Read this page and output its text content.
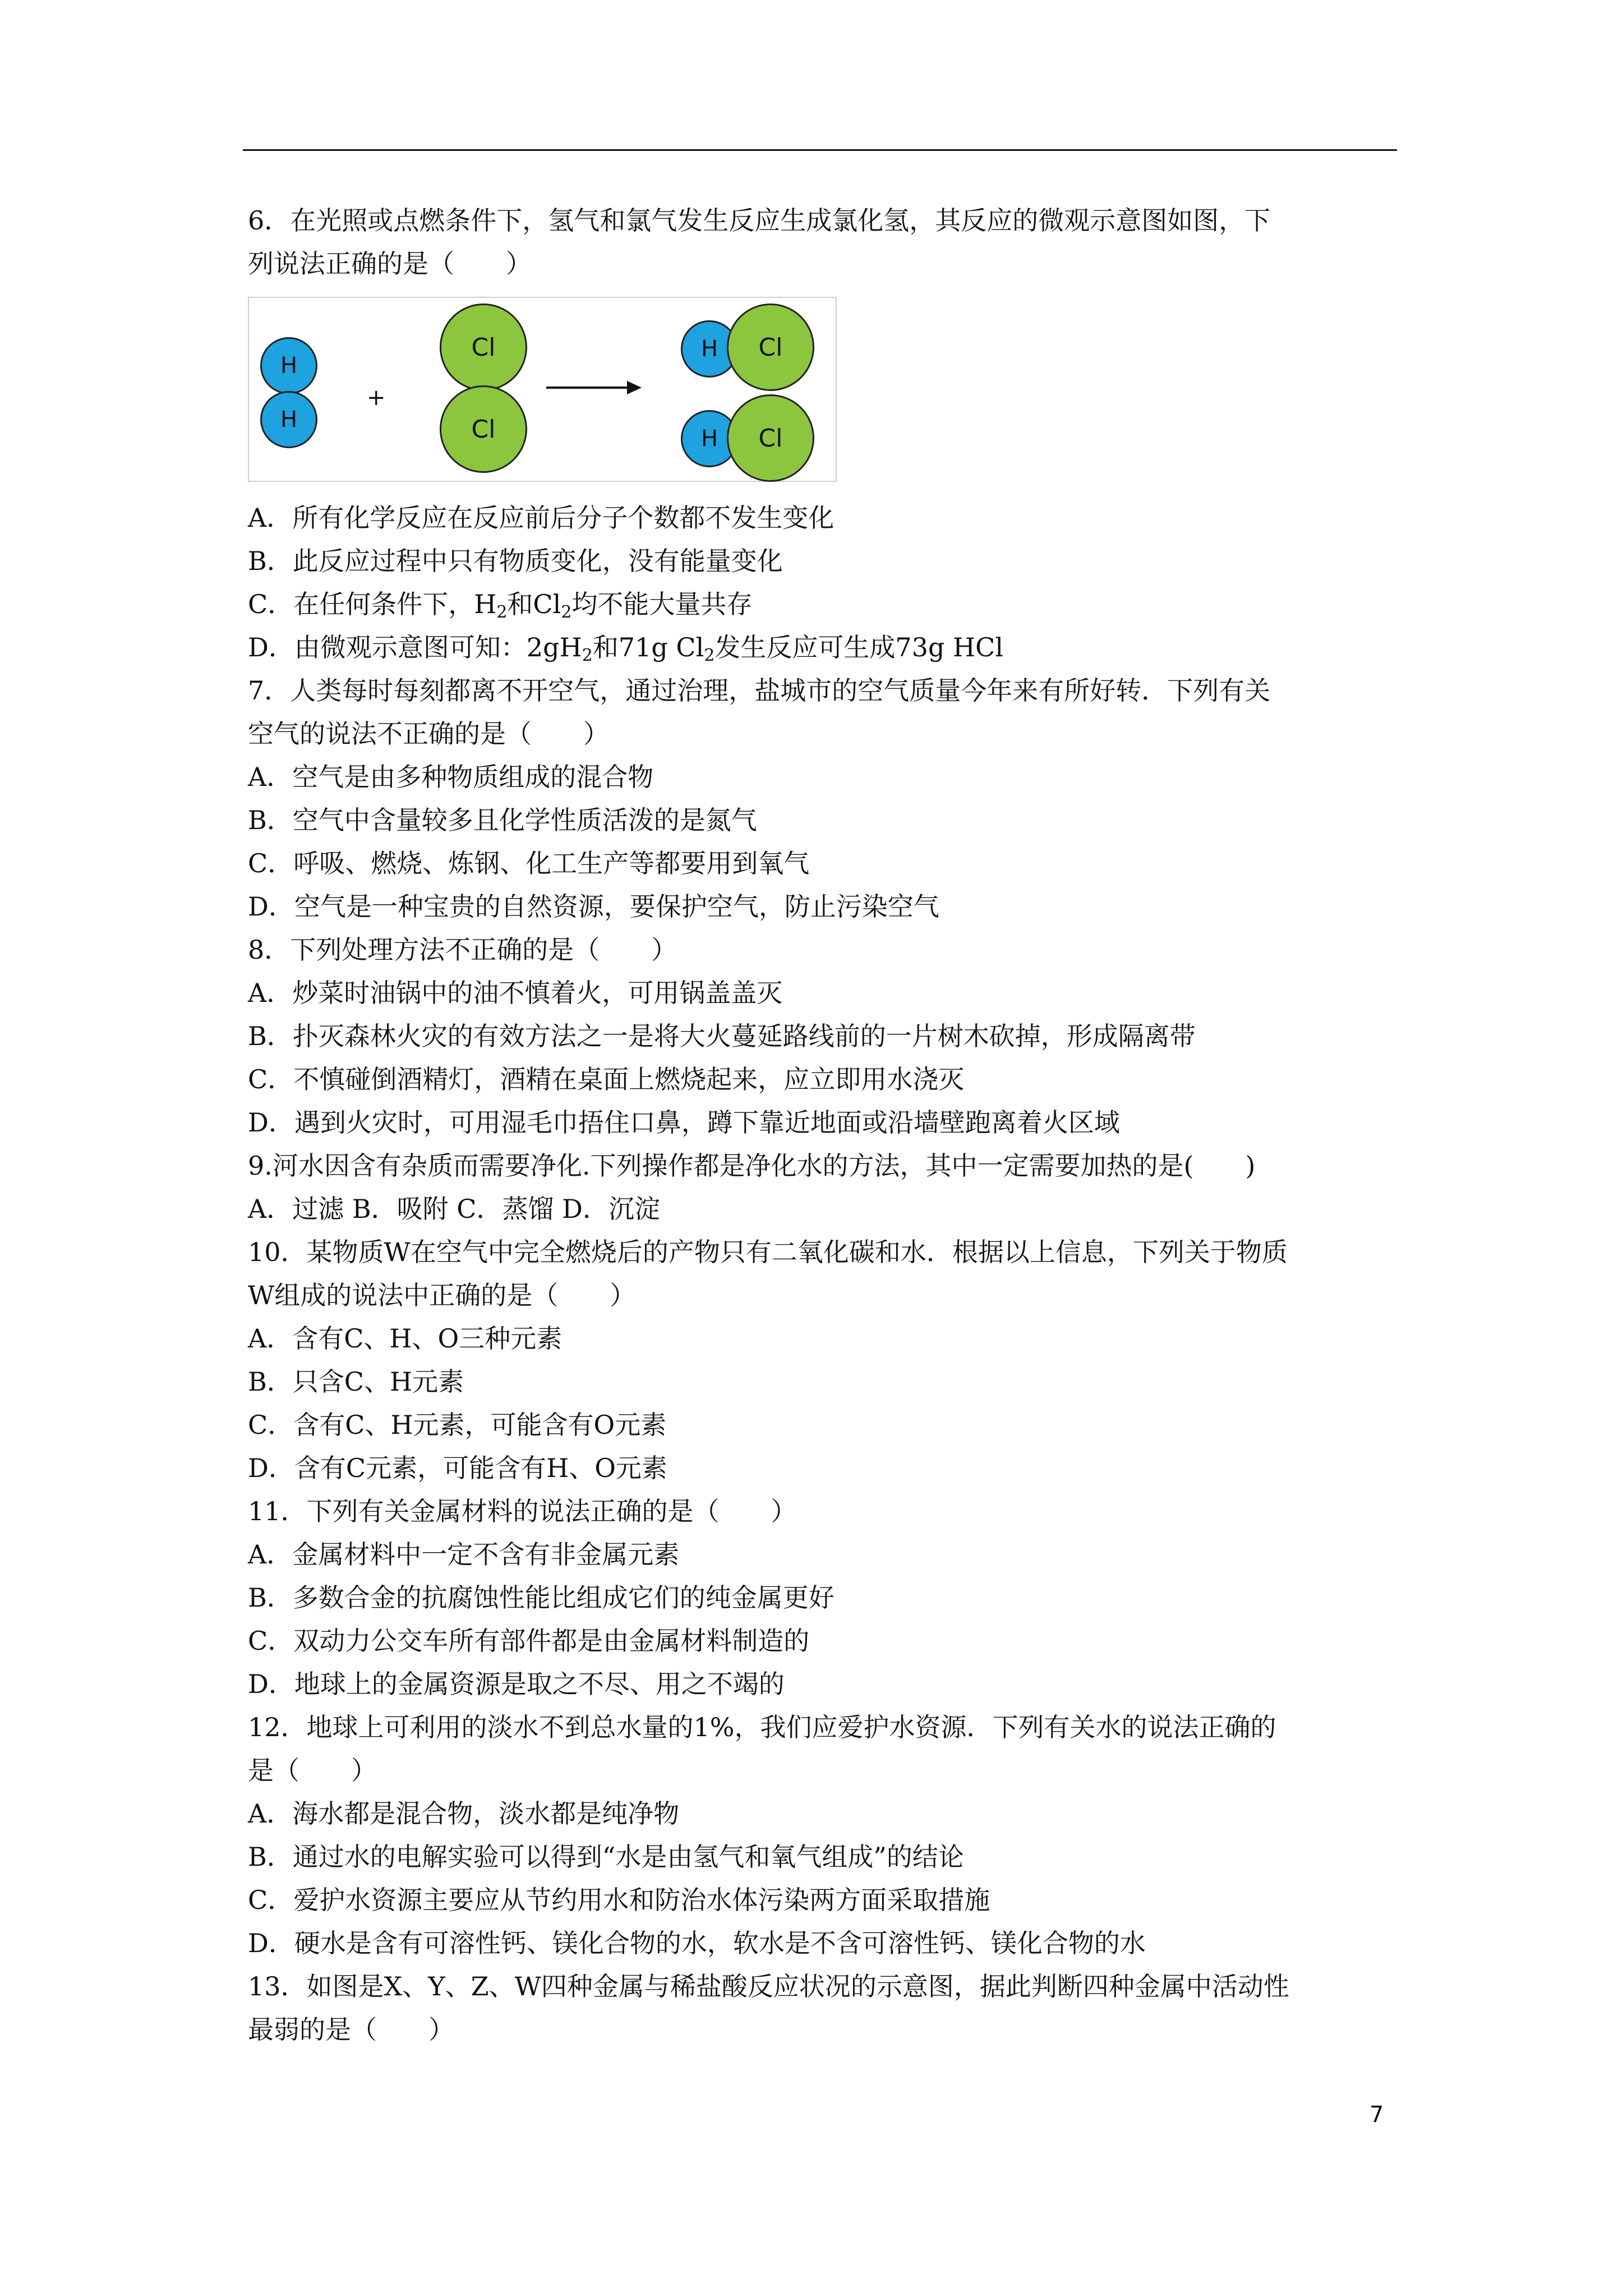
6．在光照或点燃条件下，氢气和氯气发生反应生成氯化氢，其反应的微观示意图如图，下
列说法正确的是（　　）
H
H
+
Cl
Cl
H	Cl
H	Cl
A．所有化学反应在反应前后分子个数都不发生变化
B．此反应过程中只有物质变化，没有能量变化
C．在任何条件下，$H_2$和$Cl_2$均不能大量共存
D．由微观示意图可知：$2gH_2$和71g $Cl_2$发生反应可生成73g HCl
7．人类每时每刻都离不开空气，通过治理，盐城市的空气质量今年来有所好转．下列有关
空气的说法不正确的是（　　）
A．空气是由多种物质组成的混合物
B．空气中含量较多且化学性质活泼的是氮气
C．呼吸、燃烧、炼钢、化工生产等都要用到氧气
D．空气是一种宝贵的自然资源，要保护空气，防止污染空气
8．下列处理方法不正确的是（　　）
A．炒菜时油锅中的油不慎着火，可用锅盖盖灭
B．扑灭森林火灾的有效方法之一是将大火蔓延路线前的一片树木砍掉，形成隔离带
C．不慎碰倒酒精灯，酒精在桌面上燃烧起来，应立即用水浇灭
D．遇到火灾时，可用湿毛巾捂住口鼻，蹲下靠近地面或沿墙壁跑离着火区域
9.河水因含有杂质而需要净化.下列操作都是净化水的方法，其中一定需要加热的是(　　)
A．过滤 B．吸附 C．蒸馏 D．沉淀
10．某物质W在空气中完全燃烧后的产物只有二氧化碳和水．根据以上信息，下列关于物质
W组成的说法中正确的是（　　）
A．含有C、H、O三种元素
B．只含C、H元素
C．含有C、H元素，可能含有O元素
D．含有C元素，可能含有H、O元素
11．下列有关金属材料的说法正确的是（　　）
A．金属材料中一定不含有非金属元素
B．多数合金的抗腐蚀性能比组成它们的纯金属更好
C．双动力公交车所有部件都是由金属材料制造的
D．地球上的金属资源是取之不尽、用之不竭的
12．地球上可利用的淡水不到总水量的1%，我们应爱护水资源．下列有关水的说法正确的
是（　　）
A．海水都是混合物，淡水都是纯净物
B．通过水的电解实验可以得到“水是由氢气和氧气组成”的结论
C．爱护水资源主要应从节约用水和防治水体污染两方面采取措施
D．硬水是含有可溶性钙、镁化合物的水，软水是不含可溶性钙、镁化合物的水
13．如图是X、Y、Z、W四种金属与稀盐酸反应状况的示意图，据此判断四种金属中活动性
最弱的是（　　）
7
